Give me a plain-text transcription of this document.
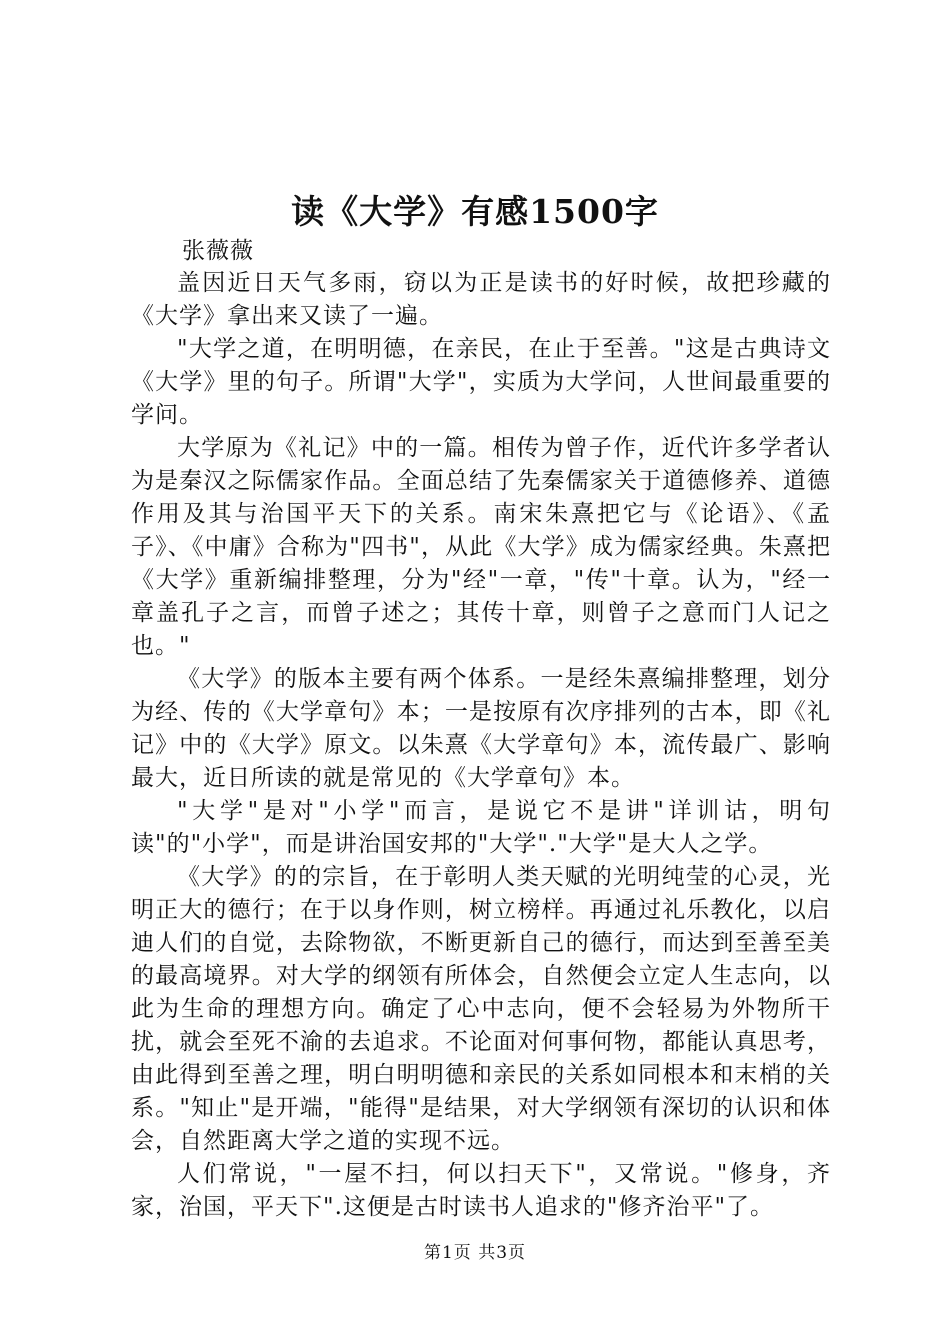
读《大学》有感1500字
张薇薇

盖因近日天气多雨，窃以为正是读书的好时候，故把珍藏的《大学》拿出来又读了一遍。

"大学之道，在明明德，在亲民，在止于至善。"这是古典诗文《大学》里的句子。所谓"大学"，实质为大学问，人世间最重要的学问。

大学原为《礼记》中的一篇。相传为曾子作，近代许多学者认为是秦汉之际儒家作品。全面总结了先秦儒家关于道德修养、道德作用及其与治国平天下的关系。南宋朱熹把它与《论语》、《孟子》、《中庸》合称为"四书"，从此《大学》成为儒家经典。朱熹把《大学》重新编排整理，分为"经"一章，"传"十章。认为，"经一章盖孔子之言，而曾子述之；其传十章，则曾子之意而门人记之也。"

《大学》的版本主要有两个体系。一是经朱熹编排整理，划分为经、传的《大学章句》本；一是按原有次序排列的古本，即《礼记》中的《大学》原文。以朱熹《大学章句》本，流传最广、影响最大，近日所读的就是常见的《大学章句》本。

"大学"是对"小学"而言，是说它不是讲"详训诂，明句读"的"小学"，而是讲治国安邦的"大学"."大学"是大人之学。

《大学》的的宗旨，在于彰明人类天赋的光明纯莹的心灵，光明正大的德行；在于以身作则，树立榜样。再通过礼乐教化，以启迪人们的自觉，去除物欲，不断更新自己的德行，而达到至善至美的最高境界。对大学的纲领有所体会，自然便会立定人生志向，以此为生命的理想方向。确定了心中志向，便不会轻易为外物所干扰，就会至死不渝的去追求。不论面对何事何物，都能认真思考，由此得到至善之理，明白明明德和亲民的关系如同根本和末梢的关系。"知止"是开端，"能得"是结果，对大学纲领有深切的认识和体会，自然距离大学之道的实现不远。

人们常说，"一屋不扫，何以扫天下"，又常说。"修身，齐家，治国，平天下".这便是古时读书人追求的"修齐治平"了。

第1页 共3页
